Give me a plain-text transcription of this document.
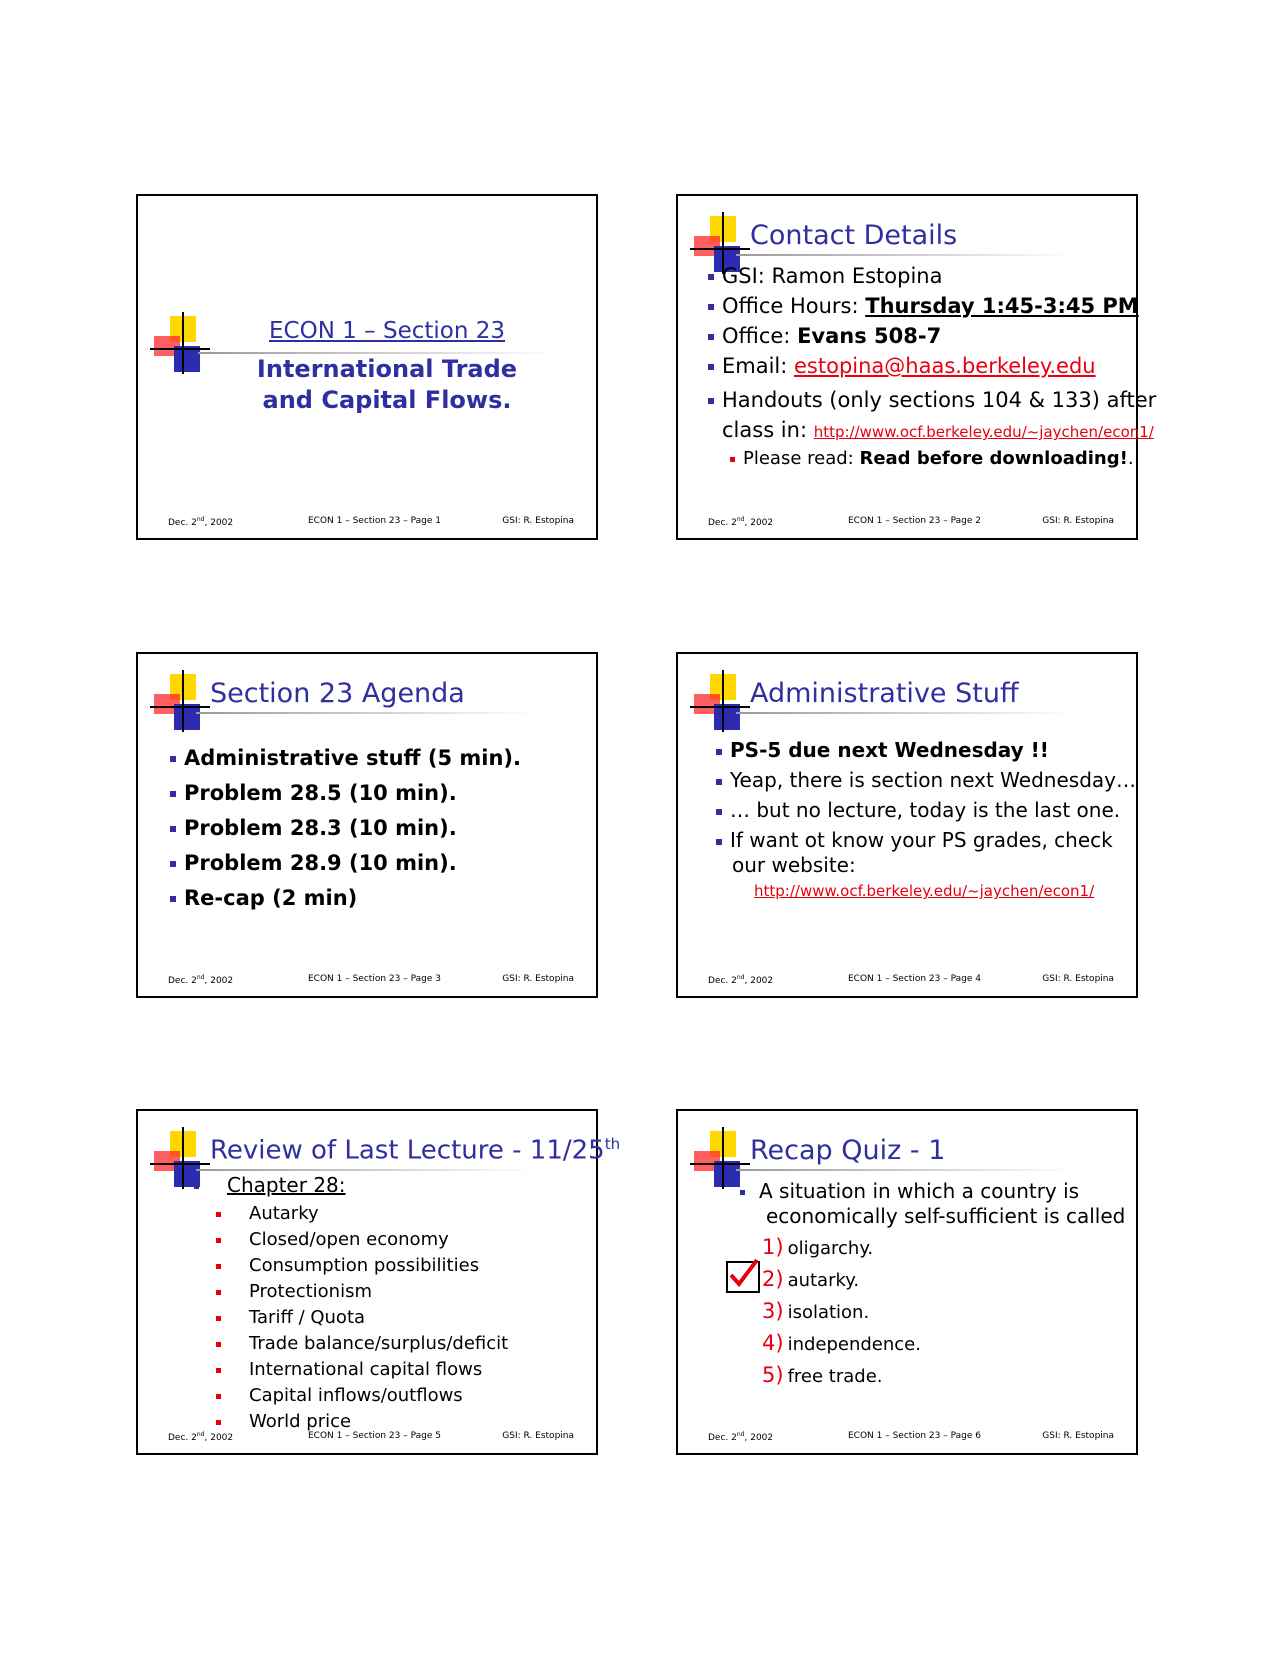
ECON 1 – Section 23
International Trade
and Capital Flows.
Dec. 2nd, 2002	ECON 1 – Section 23 – Page 1	GSI: R. Estopina
Contact Details
GSI: Ramon Estopina
Office Hours: Thursday 1:45-3:45 PM
Office: Evans 508-7
Email: estopina@haas.berkeley.edu
Handouts (only sections 104 & 133) after
class in: http://www.ocf.berkeley.edu/~jaychen/econ1/
Please read: Read before downloading!.
Dec. 2nd, 2002	ECON 1 – Section 23 – Page 2	GSI: R. Estopina
Section 23 Agenda
Administrative stuff (5 min).
Problem 28.5 (10 min).
Problem 28.3 (10 min).
Problem 28.9 (10 min).
Re-cap (2 min)
Dec. 2nd, 2002	ECON 1 – Section 23 – Page 3	GSI: R. Estopina
Administrative Stuff
PS-5 due next Wednesday !!
Yeap, there is section next Wednesday…
… but no lecture, today is the last one.
If want ot know your PS grades, check
our website:
http://www.ocf.berkeley.edu/~jaychen/econ1/
Dec. 2nd, 2002	ECON 1 – Section 23 – Page 4	GSI: R. Estopina
Review of Last Lecture - 11/25th
Chapter 28:
Autarky
Closed/open economy
Consumption possibilities
Protectionism
Tariff / Quota
Trade balance/surplus/deficit
International capital flows
Capital inflows/outflows
World price
Dec. 2nd, 2002	ECON 1 – Section 23 – Page 5	GSI: R. Estopina
Recap Quiz - 1
A situation in which a country is
economically self-sufficient is called
1) oligarchy.
2) autarky.
3) isolation.
4) independence.
5) free trade.
Dec. 2nd, 2002	ECON 1 – Section 23 – Page 6	GSI: R. Estopina
